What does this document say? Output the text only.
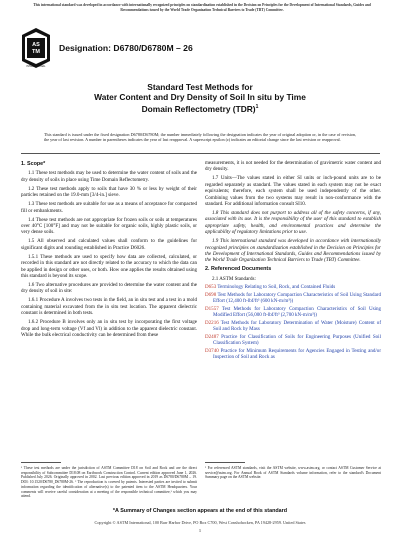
This international standard was developed in accordance with internationally recognized principles on standardization established in the Decision on Principles for the Development of International Standards, Guides and Recommendations issued by the World Trade Organization Technical Barriers to Trade (TBT) Committee.
AS
TM
INTERNATIONAL
Designation: D6780/D6780M – 26
Standard Test Methods for
Water Content and Dry Density of Soil In situ by Time
Domain Reflectometry (TDR)$^1$
This standard is issued under the fixed designation D6780/D6780M; the number immediately following the designation indicates the year of original adoption or, in the case of revision, the year of last revision. A number in parentheses indicates the year of last reapproval. A superscript epsilon (ε) indicates an editorial change since the last revision or reapproval.
1. Scope*
1.1 These test methods may be used to determine the water content of soils and the dry density of soils in place using Time Domain Reflectometry.
1.2 These test methods apply to soils that have 30 % or less by weight of their particles retained on the 19.0-mm [3/4-in.] sieve.
1.3 These test methods are suitable for use as a means of acceptance for compacted fill or embankments.
1.4 These test methods are not appropriate for frozen soils or soils at temperatures over 40°C [100°F] and may not be suitable for organic soils, highly plastic soils, or very dense soils.
1.5 All observed and calculated values shall conform to the guidelines for significant digits and rounding established in Practice D6026.
1.5.1 These methods are used to specify how data are collected, calculated, or recorded in this standard are not directly related to the accuracy to which the data can be applied in design or other uses, or both. How one applies the results obtained using this standard is beyond its scope.
1.6 Two alternative procedures are provided to determine the water content and the dry density of soil in site:
1.6.1 Procedure A involves two tests in the field, an in situ test and a test in a mold containing material excavated from the in situ test location. The apparent dielectric constant is determined in both tests.
1.6.2 Procedure B involves only an in situ test by incorporating the first voltage drop and long-term voltage (Vf and Vl) in addition to the apparent dielectric constant. While the bulk electrical conductivity can be determined from these
measurements, it is not needed for the determination of gravimetric water content and dry density.
1.7 Units—The values stated in either SI units or inch-pound units are to be regarded separately as standard. The values stated in each system may not be exact equivalents; therefore, each system shall be used independently of the other. Combining values from the two systems may result in non-conformance with the standard. For additional information consult SI10.
1.8 This standard does not purport to address all of the safety concerns, if any, associated with its use. It is the responsibility of the user of this standard to establish appropriate safety, health, and environmental practices and determine the applicability of regulatory limitations prior to use.
1.9 This international standard was developed in accordance with internationally recognized principles on standardization established in the Decision on Principles for the Development of International Standards, Guides and Recommendations issued by the World Trade Organization Technical Barriers to Trade (TBT) Committee.
2. Referenced Documents
2.1 ASTM Standards:
D653 Terminology Relating to Soil, Rock, and Contained Fluids
D698 Test Methods for Laboratory Compaction Characteristics of Soil Using Standard Effort (12,400 ft-lbf/ft³ (600 kN-m/m³))
D1557 Test Methods for Laboratory Compaction Characteristics of Soil Using Modified Effort (56,000 ft-lbf/ft³ (2,700 kN-m/m³))
D2216 Test Methods for Laboratory Determination of Water (Moisture) Content of Soil and Rock by Mass
D2487 Practice for Classification of Soils for Engineering Purposes (Unified Soil Classification System)
D3740 Practice for Minimum Requirements for Agencies Engaged in Testing and/or Inspection of Soil and Rock as
¹ These test methods are under the jurisdiction of ASTM Committee D18 on Soil and Rock and are the direct responsibility of Subcommittee D18.08 on Earthwork Construction Control. Current edition approved June 1, 2026. Published July 2026. Originally approved in 2002. Last previous edition approved in 2019 as D6780/D6780M – 19. DOI: 10.1520/D6780_D6780M-26. ² The reproduction is covered by patents. Interested parties are invited to submit information regarding the identification of alternative(s) to the patented item to the ASTM Headquarters. Your comments will receive careful consideration at a meeting of the responsible technical committee,¹ which you may attend.
² For referenced ASTM standards, visit the ASTM website, www.astm.org, or contact ASTM Customer Service at service@astm.org. For Annual Book of ASTM Standards volume information, refer to the standard's Document Summary page on the ASTM website.
*A Summary of Changes section appears at the end of this standard
Copyright © ASTM International, 100 Barr Harbor Drive, PO Box C700, West Conshohocken, PA 19428-2959. United States
1
